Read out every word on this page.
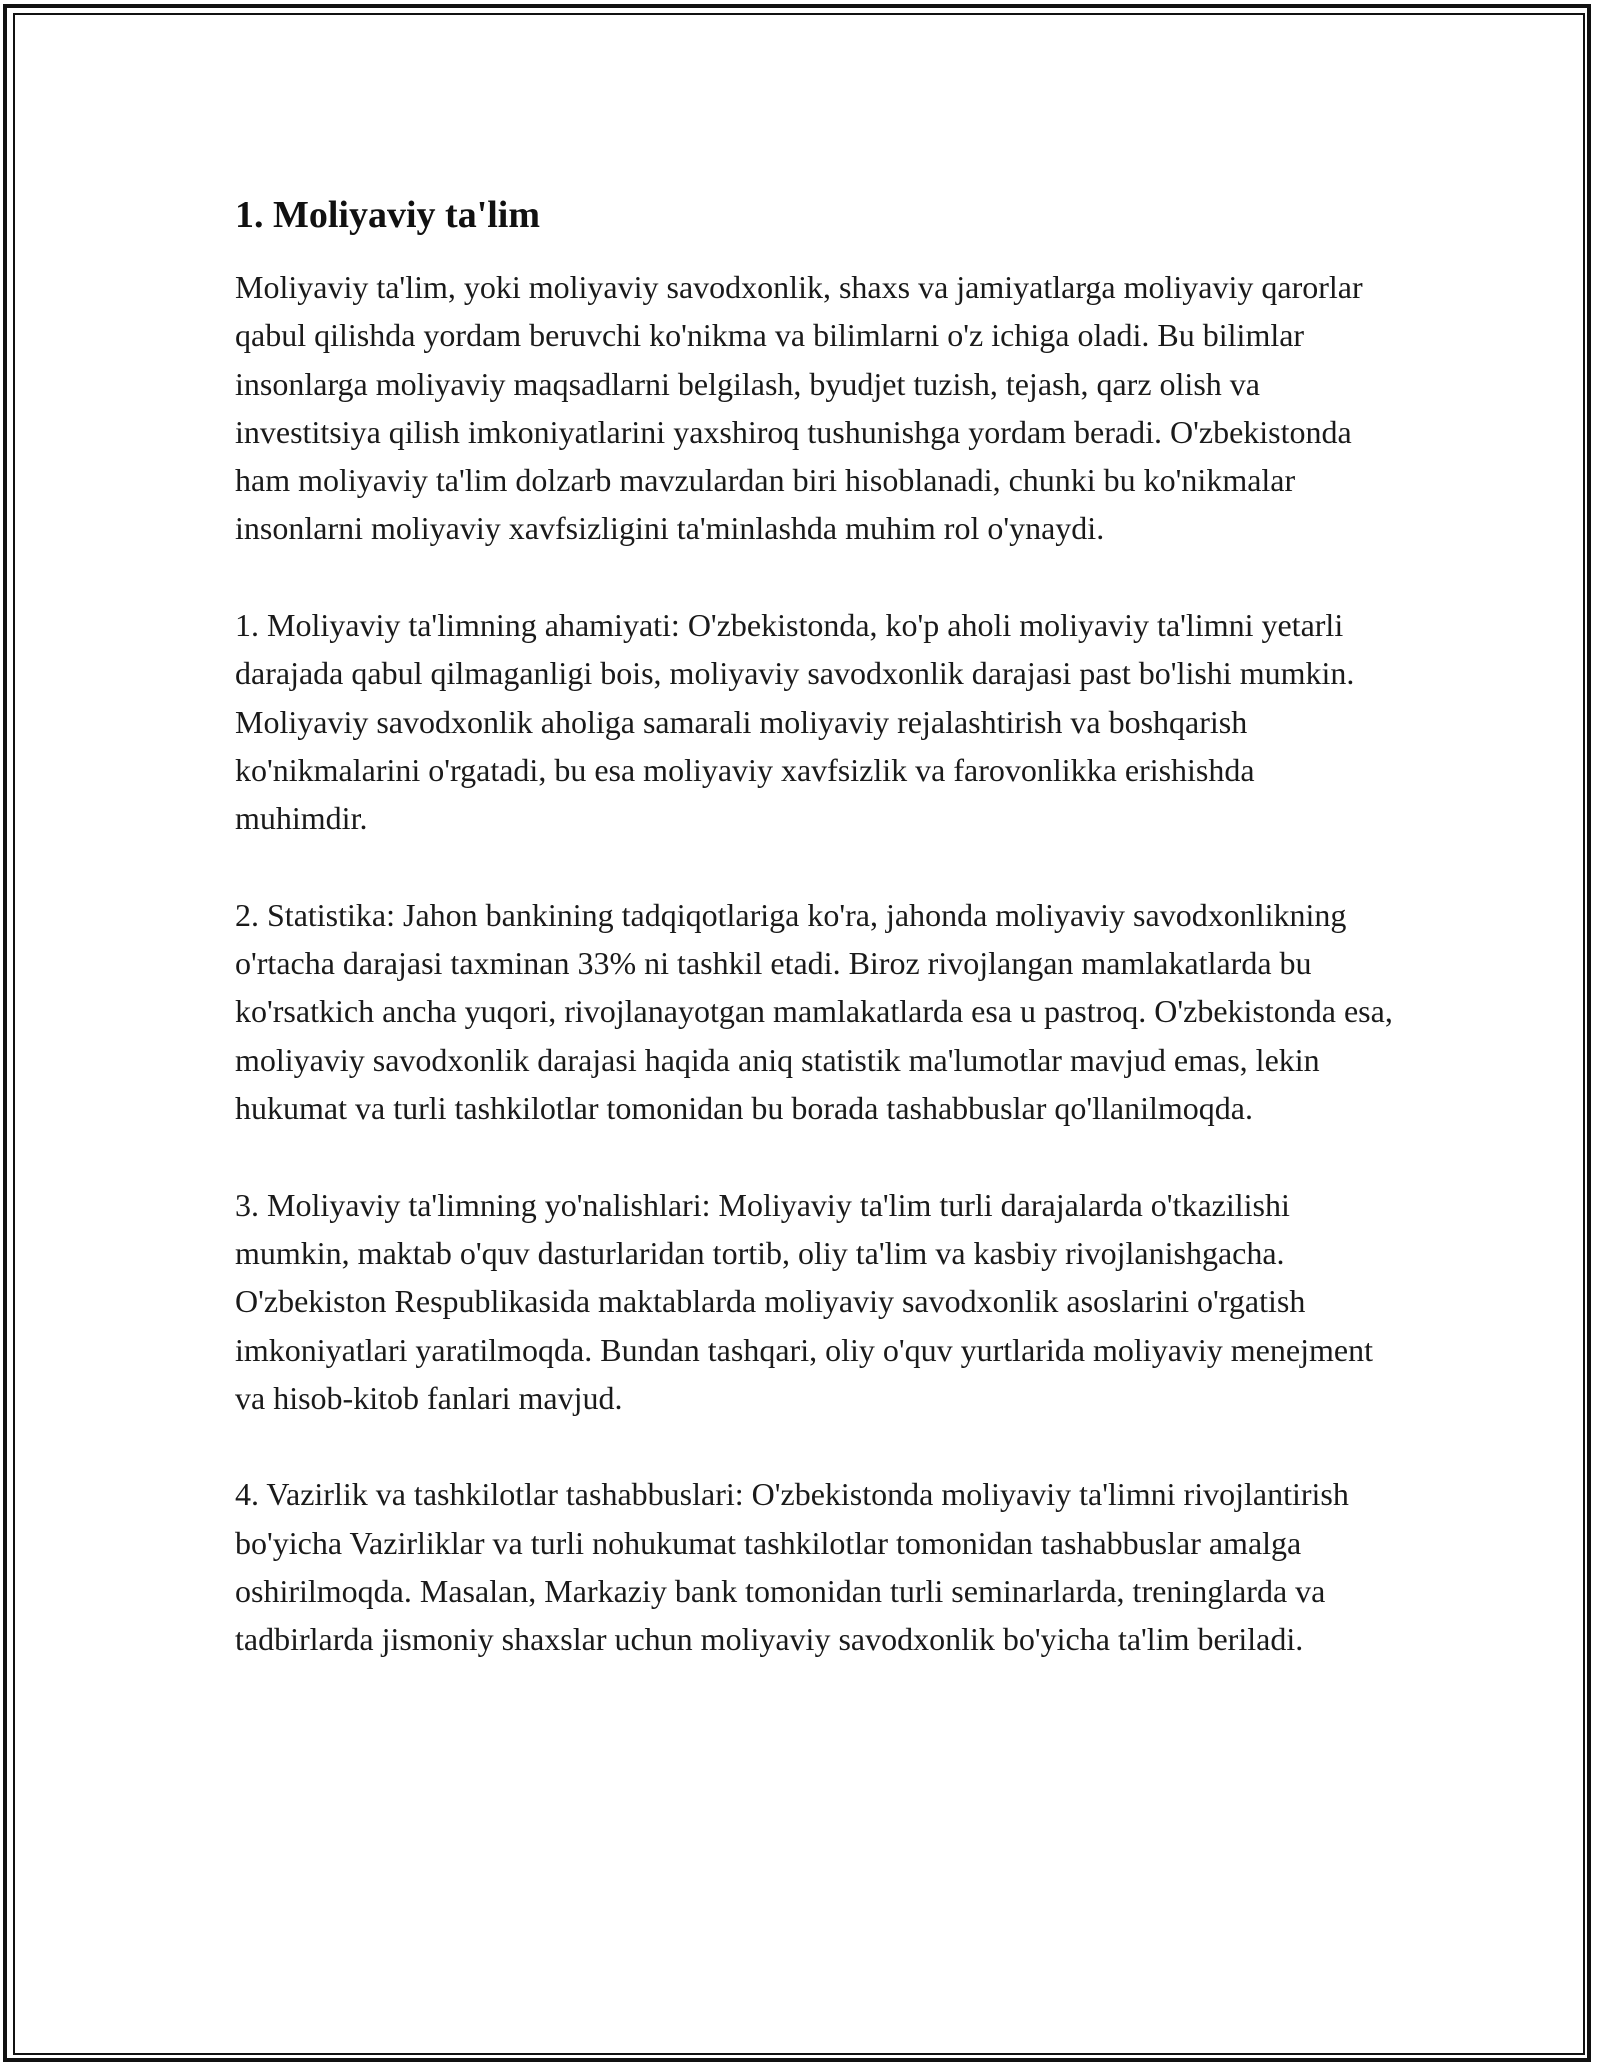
1. Moliyaviy ta'lim

Moliyaviy ta'lim, yoki moliyaviy savodxonlik, shaxs va jamiyatlarga moliyaviy qarorlar qabul qilishda yordam beruvchi ko'nikma va bilimlarni o'z ichiga oladi. Bu bilimlar insonlarga moliyaviy maqsadlarni belgilash, byudjet tuzish, tejash, qarz olish va investitsiya qilish imkoniyatlarini yaxshiroq tushunishga yordam beradi. O'zbekistonda ham moliyaviy ta'lim dolzarb mavzulardan biri hisoblanadi, chunki bu ko'nikmalar insonlarni moliyaviy xavfsizligini ta'minlashda muhim rol o'ynaydi.

1. Moliyaviy ta'limning ahamiyati: O'zbekistonda, ko'p aholi moliyaviy ta'limni yetarli darajada qabul qilmaganligi bois, moliyaviy savodxonlik darajasi past bo'lishi mumkin. Moliyaviy savodxonlik aholiga samarali moliyaviy rejalashtirish va boshqarish ko'nikmalarini o'rgatadi, bu esa moliyaviy xavfsizlik va farovonlikka erishishda muhimdir.

2. Statistika: Jahon bankining tadqiqotlariga ko'ra, jahonda moliyaviy savodxonlikning o'rtacha darajasi taxminan 33% ni tashkil etadi. Biroz rivojlangan mamlakatlarda bu ko'rsatkich ancha yuqori, rivojlanayotgan mamlakatlarda esa u pastroq. O'zbekistonda esa, moliyaviy savodxonlik darajasi haqida aniq statistik ma'lumotlar mavjud emas, lekin hukumat va turli tashkilotlar tomonidan bu borada tashabbuslar qo'llanilmoqda.

3. Moliyaviy ta'limning yo'nalishlari: Moliyaviy ta'lim turli darajalarda o'tkazilishi mumkin, maktab o'quv dasturlaridan tortib, oliy ta'lim va kasbiy rivojlanishgacha. O'zbekiston Respublikasida maktablarda moliyaviy savodxonlik asoslarini o'rgatish imkoniyatlari yaratilmoqda. Bundan tashqari, oliy o'quv yurtlarida moliyaviy menejment va hisob-kitob fanlari mavjud.

4. Vazirlik va tashkilotlar tashabbuslari: O'zbekistonda moliyaviy ta'limni rivojlantirish bo'yicha Vazirliklar va turli nohukumat tashkilotlar tomonidan tashabbuslar amalga oshirilmoqda. Masalan, Markaziy bank tomonidan turli seminarlarda, treninglarda va tadbirlarda jismoniy shaxslar uchun moliyaviy savodxonlik bo'yicha ta'lim beriladi.
